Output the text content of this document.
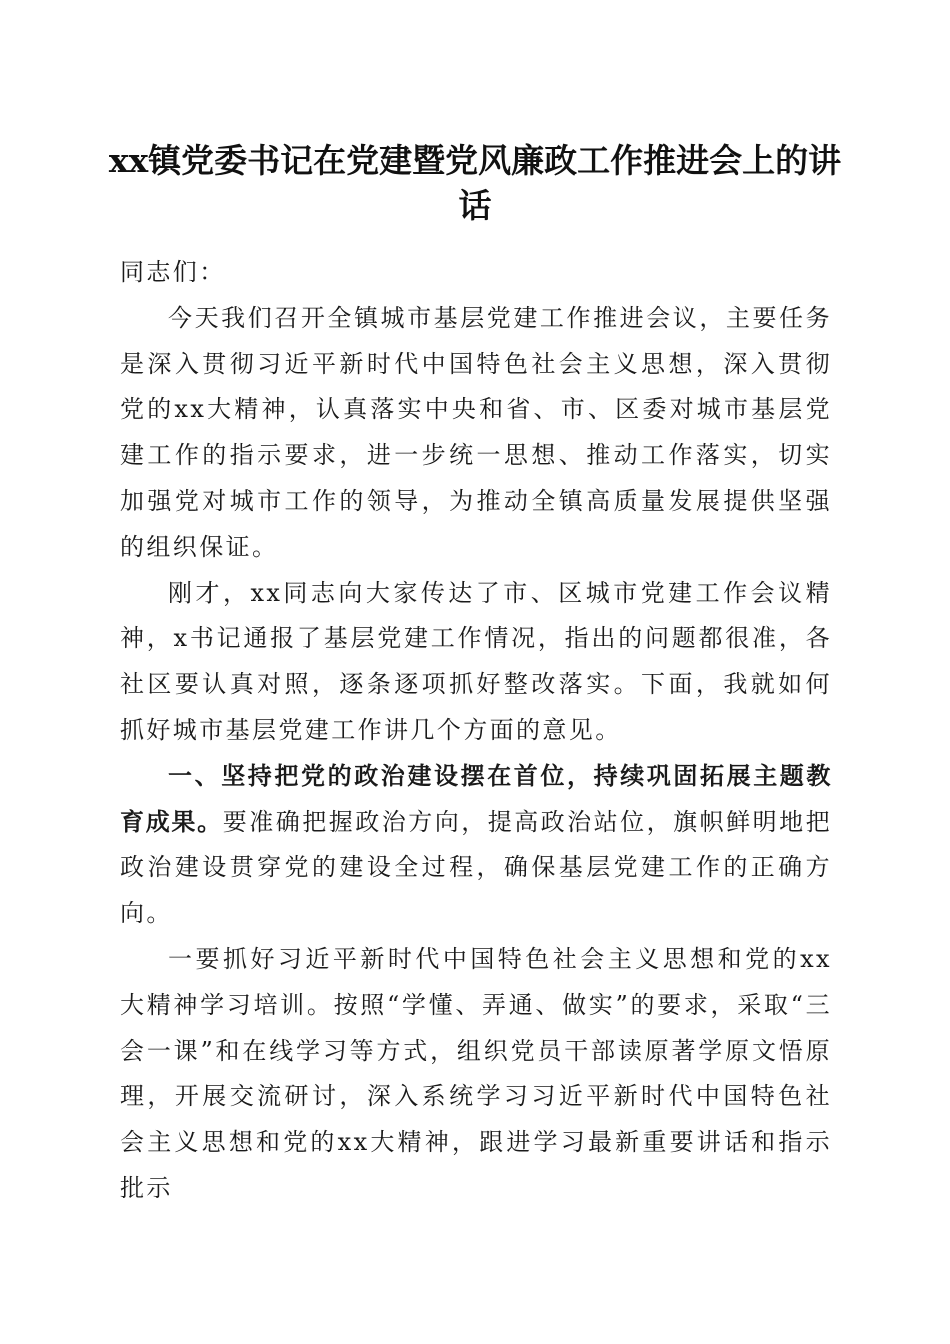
xx镇党委书记在党建暨党风廉政工作推进会上的讲话

同志们：

今天我们召开全镇城市基层党建工作推进会议，主要任务是深入贯彻习近平新时代中国特色社会主义思想，深入贯彻党的xx大精神，认真落实中央和省、市、区委对城市基层党建工作的指示要求，进一步统一思想、推动工作落实，切实加强党对城市工作的领导，为推动全镇高质量发展提供坚强的组织保证。

刚才，xx同志向大家传达了市、区城市党建工作会议精神，x书记通报了基层党建工作情况，指出的问题都很准，各社区要认真对照，逐条逐项抓好整改落实。下面，我就如何抓好城市基层党建工作讲几个方面的意见。

一、坚持把党的政治建设摆在首位，持续巩固拓展主题教育成果。要准确把握政治方向，提高政治站位，旗帜鲜明地把政治建设贯穿党的建设全过程，确保基层党建工作的正确方向。

一要抓好习近平新时代中国特色社会主义思想和党的xx大精神学习培训。按照“学懂、弄通、做实”的要求，采取“三会一课”和在线学习等方式，组织党员干部读原著学原文悟原理，开展交流研讨，深入系统学习习近平新时代中国特色社会主义思想和党的xx大精神，跟进学习最新重要讲话和指示批示
